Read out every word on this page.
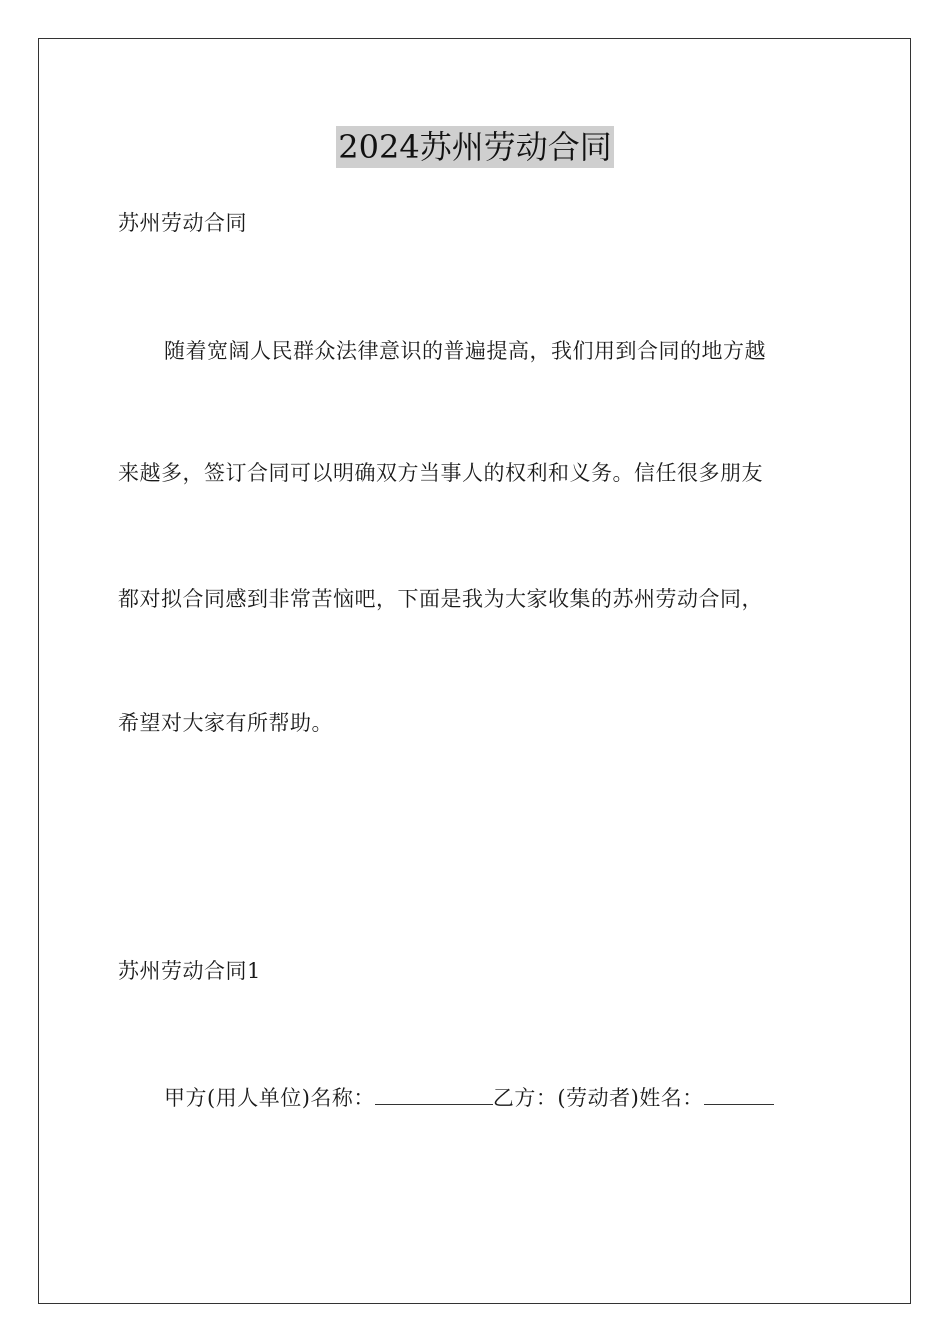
2024苏州劳动合同
苏州劳动合同
随着宽阔人民群众法律意识的普遍提高，我们用到合同的地方越
来越多，签订合同可以明确双方当事人的权利和义务。信任很多朋友
都对拟合同感到非常苦恼吧，下面是我为大家收集的苏州劳动合同，
希望对大家有所帮助。
苏州劳动合同1
甲方(用人单位)名称：	乙方：(劳动者)姓名：
